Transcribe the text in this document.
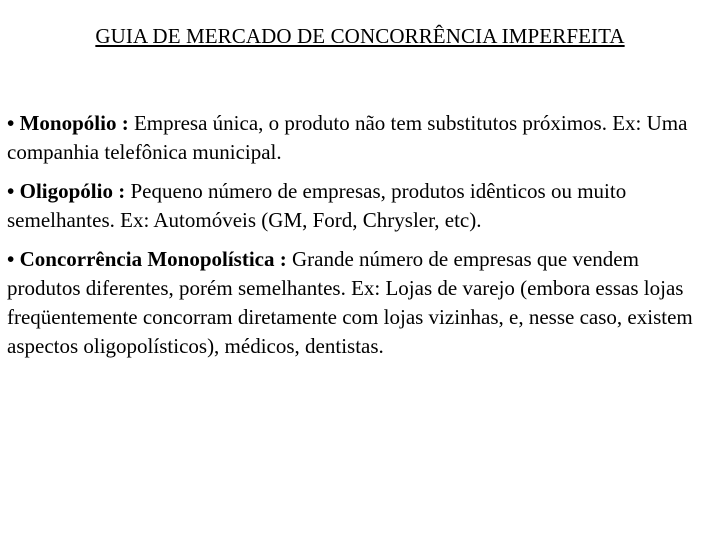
GUIA DE MERCADO DE CONCORRÊNCIA IMPERFEITA
• Monopólio : Empresa única, o produto não tem substitutos próximos. Ex: Uma companhia telefônica municipal.
• Oligopólio : Pequeno número de empresas, produtos idênticos ou muito semelhantes. Ex: Automóveis (GM, Ford, Chrysler, etc).
• Concorrência Monopolística : Grande número de empresas que vendem produtos diferentes, porém semelhantes. Ex: Lojas de varejo (embora essas lojas freqüentemente concorram diretamente com lojas vizinhas, e, nesse caso, existem aspectos oligopolísticos), médicos, dentistas.
